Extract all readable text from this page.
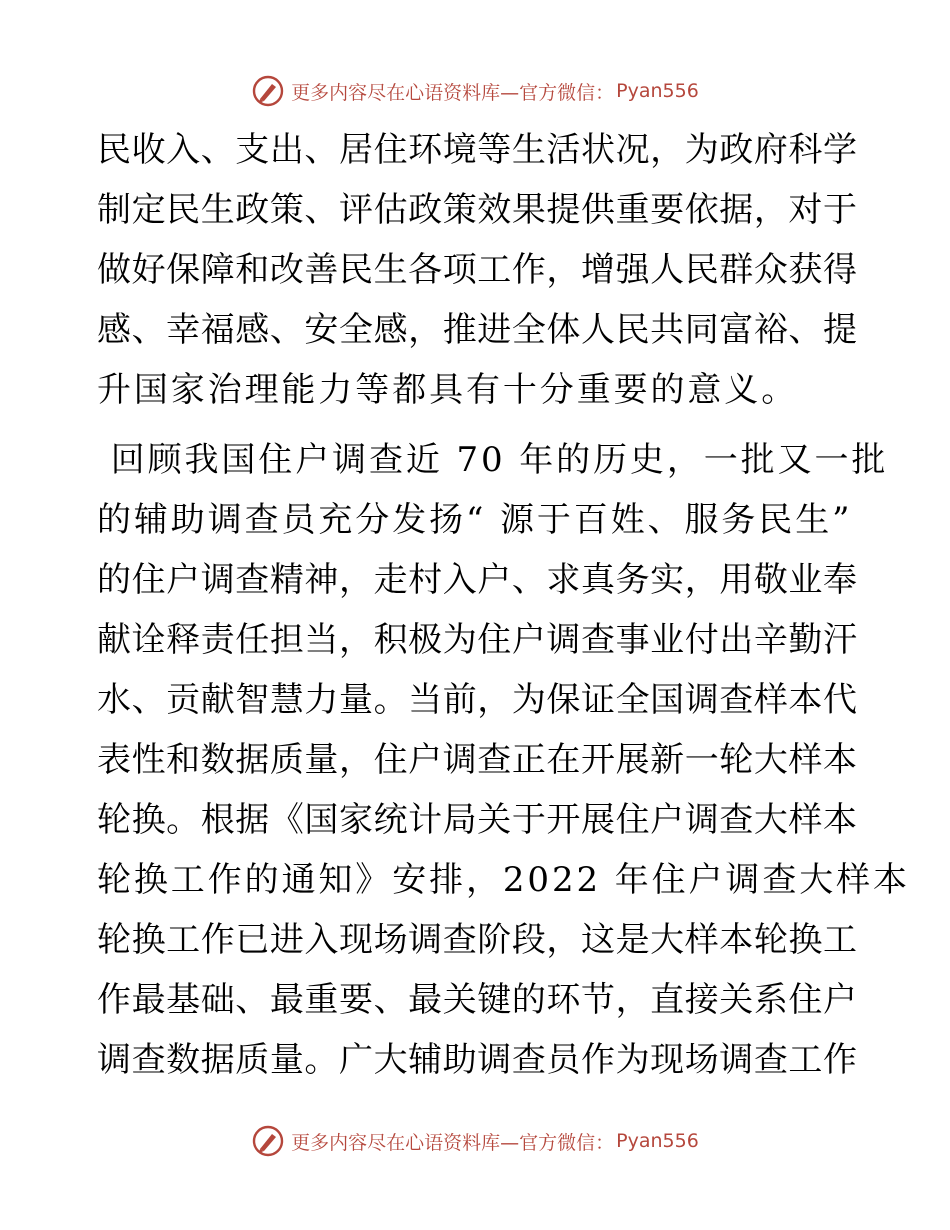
更多内容尽在心语资料库—官方微信： Pyan556
民收入、支出、居住环境等生活状况，为政府科学
制定民生政策、评估政策效果提供重要依据，对于
做好保障和改善民生各项工作，增强人民群众获得
感、幸福感、安全感，推进全体人民共同富裕、提
升国家治理能力等都具有十分重要的意义。
回顾我国住户调查近 70 年的历史，一批又一批
的辅助调查员充分发扬“ 源于百姓、服务民生”
的住户调查精神，走村入户、求真务实，用敬业奉
献诠释责任担当，积极为住户调查事业付出辛勤汗
水、贡献智慧力量。当前，为保证全国调查样本代
表性和数据质量，住户调查正在开展新一轮大样本
轮换。根据《国家统计局关于开展住户调查大样本
轮换工作的通知》安排，2022 年住户调查大样本
轮换工作已进入现场调查阶段，这是大样本轮换工
作最基础、最重要、最关键的环节，直接关系住户
调查数据质量。广大辅助调查员作为现场调查工作
更多内容尽在心语资料库—官方微信： Pyan556
